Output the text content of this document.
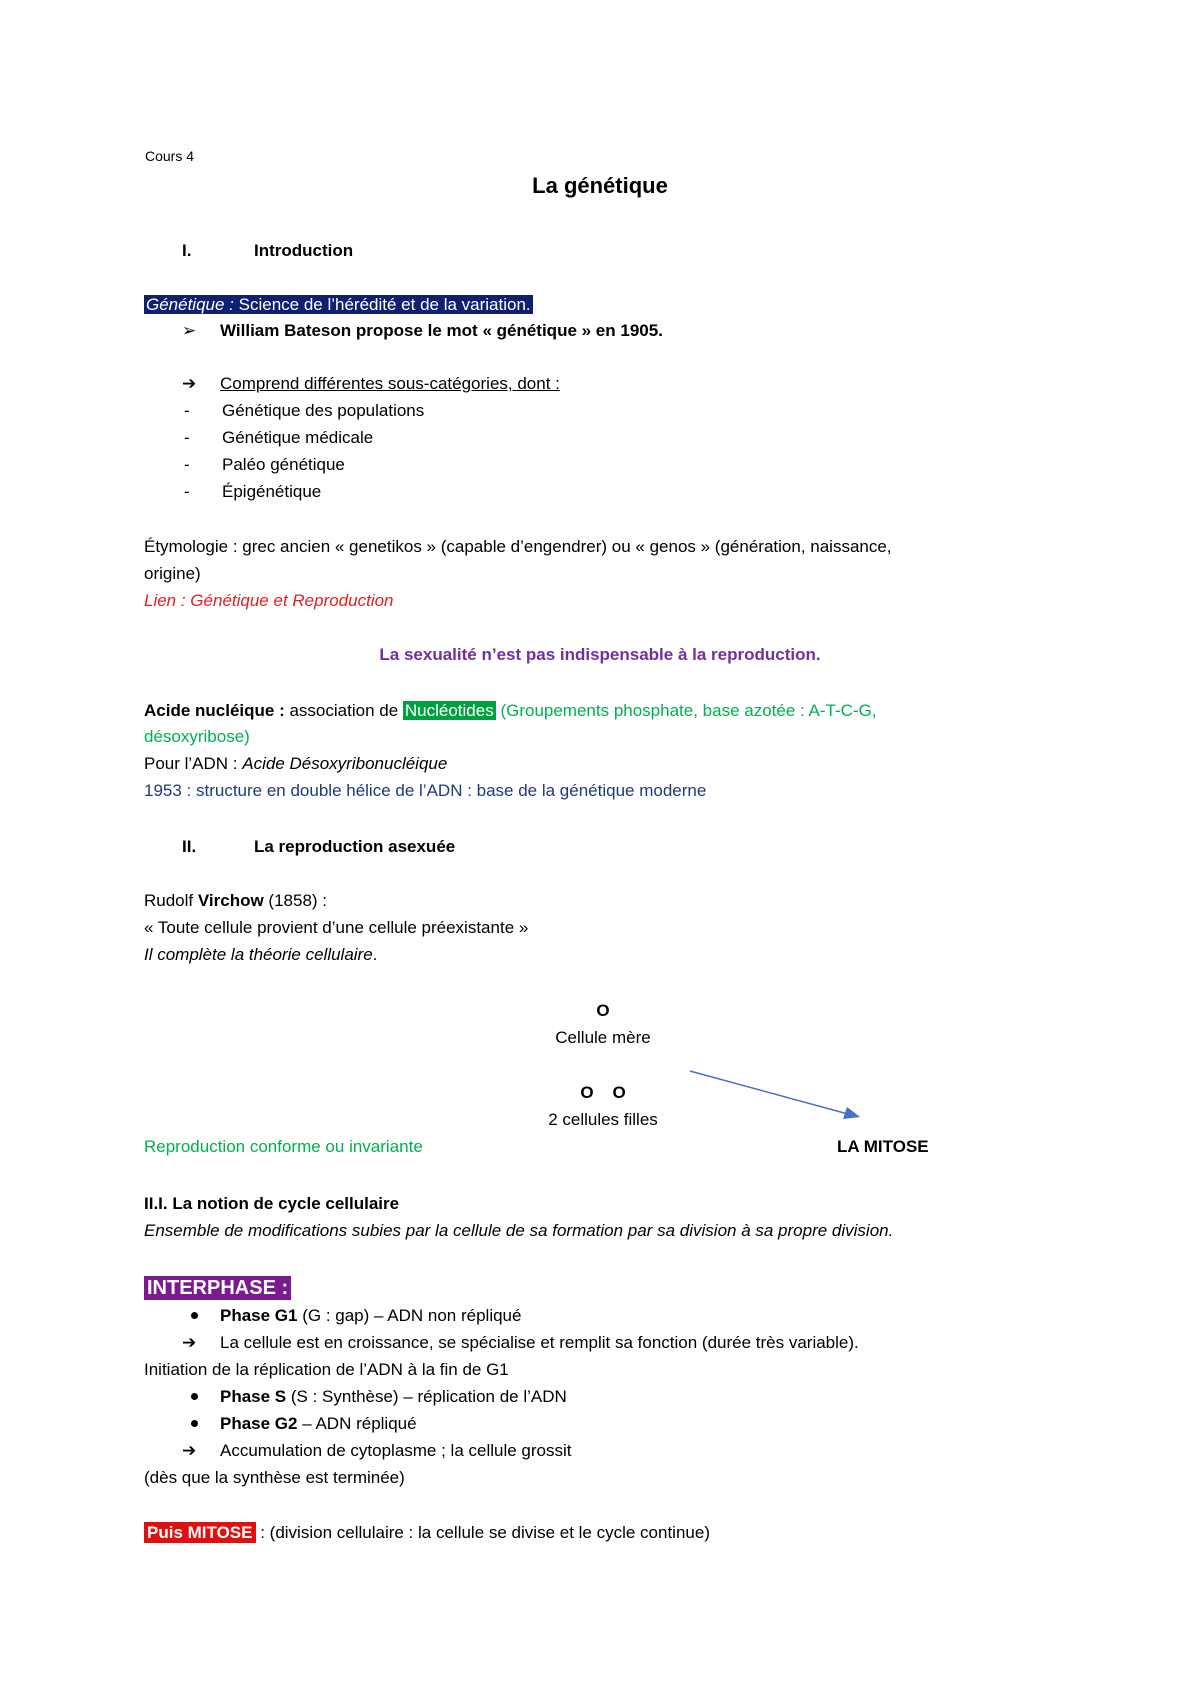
Cours 4
La génétique
I.	Introduction
Génétique : Science de l’hérédité et de la variation.
➢ William Bateson propose le mot « génétique » en 1905.
➔ Comprend différentes sous-catégories, dont :
- Génétique des populations
- Génétique médicale
- Paléo génétique
- Épigénétique
Étymologie : grec ancien « genetikos » (capable d’engendrer) ou « genos » (génération, naissance,
origine)
Lien : Génétique et Reproduction
La sexualité n’est pas indispensable à la reproduction.
Acide nucléique : association de Nucléotides (Groupements phosphate, base azotée : A-T-C-G,
désoxyribose)
Pour l’ADN : Acide Désoxyribonucléique
1953 : structure en double hélice de l’ADN : base de la génétique moderne
II.	La reproduction asexuée
Rudolf Virchow (1858) :
« Toute cellule provient d’une cellule préexistante »
Il complète la théorie cellulaire.
O
Cellule mère
O    O
2 cellules filles
Reproduction conforme ou invariante	LA MITOSE
II.I. La notion de cycle cellulaire
Ensemble de modifications subies par la cellule de sa formation par sa division à sa propre division.
INTERPHASE :
Phase G1 (G : gap) – ADN non répliqué
➔ La cellule est en croissance, se spécialise et remplit sa fonction (durée très variable).
Initiation de la réplication de l’ADN à la fin de G1
Phase S (S : Synthèse) – réplication de l’ADN
Phase G2 – ADN répliqué
➔ Accumulation de cytoplasme ; la cellule grossit
(dès que la synthèse est terminée)
Puis MITOSE : (division cellulaire : la cellule se divise et le cycle continue)
